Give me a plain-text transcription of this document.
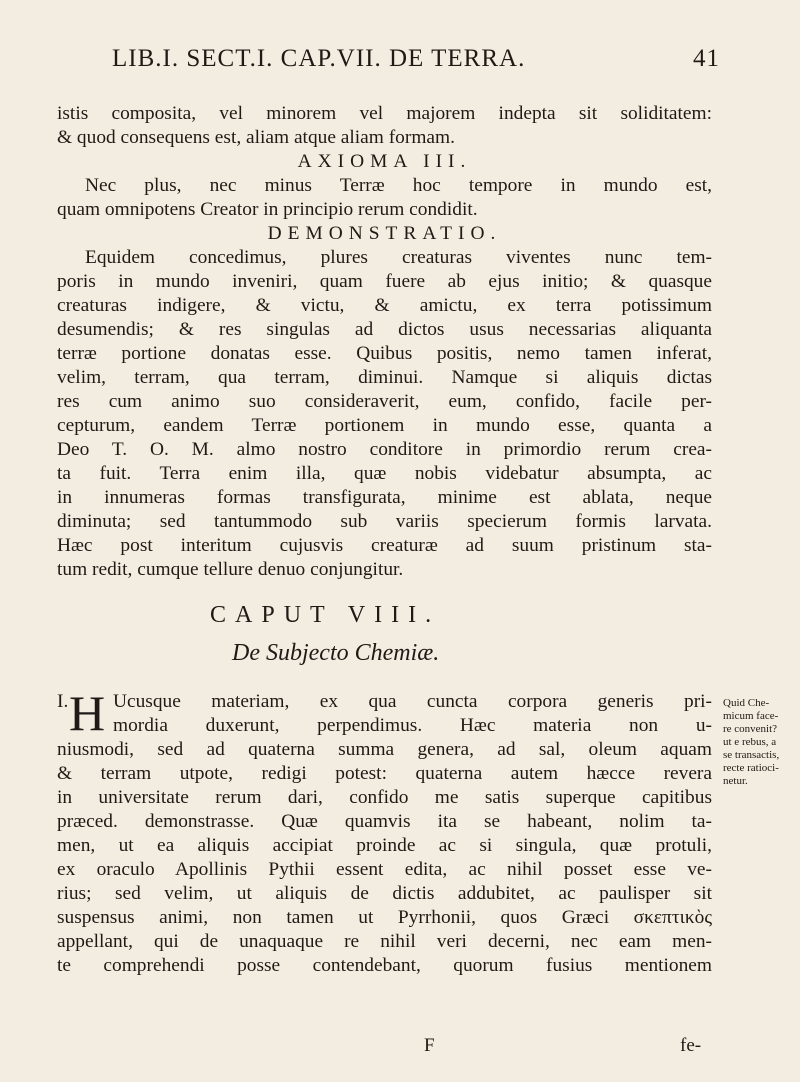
LIB.I. SECT.I. CAP.VII. DE TERRA.	41
istis composita, vel minorem vel majorem indepta sit soliditatem:
& quod consequens est, aliam atque aliam formam.
AXIOMA III.
Nec plus, nec minus Terræ hoc tempore in mundo est,
quam omnipotens Creator in principio rerum condidit.
DEMONSTRATIO.
Equidem concedimus, plures creaturas viventes nunc tem-
poris in mundo inveniri, quam fuere ab ejus initio; & quasque
creaturas indigere, & victu, & amictu, ex terra potissimum
desumendis; & res singulas ad dictos usus necessarias aliquanta
terræ portione donatas esse. Quibus positis, nemo tamen inferat,
velim, terram, qua terram, diminui. Namque si aliquis dictas
res cum animo suo consideraverit, eum, confido, facile per-
cepturum, eandem Terræ portionem in mundo esse, quanta a
Deo T. O. M. almo nostro conditore in primordio rerum crea-
ta fuit. Terra enim illa, quæ nobis videbatur absumpta, ac
in innumeras formas transfigurata, minime est ablata, neque
diminuta; sed tantummodo sub variis specierum formis larvata.
Hæc post interitum cujusvis creaturæ ad suum pristinum sta-
tum redit, cumque tellure denuo conjungitur.
CAPUT VIII.
De Subjecto Chemiæ.
I. H Ucusque materiam, ex qua cuncta corpora generis pri-
mordia duxerunt, perpendimus. Hæc materia non u-
niusmodi, sed ad quaterna summa genera, ad sal, oleum aquam
& terram utpote, redigi potest: quaterna autem hæcce revera
in universitate rerum dari, confido me satis superque capitibus
præced. demonstrasse. Quæ quamvis ita se habeant, nolim ta-
men, ut ea aliquis accipiat proinde ac si singula, quæ protuli,
ex oraculo Apollinis Pythii essent edita, ac nihil posset esse ve-
rius; sed velim, ut aliquis de dictis addubitet, ac paulisper sit
suspensus animi, non tamen ut Pyrrhonii, quos Græci σκεπτικὸς
appellant, qui de unaquaque re nihil veri decerni, nec eam men-
te comprehendi posse contendebant, quorum fusius mentionem
Quid Che-
micum face-
re convenit?
ut e rebus, a
se transactis,
recte ratioci-
netur.
F	fe-
